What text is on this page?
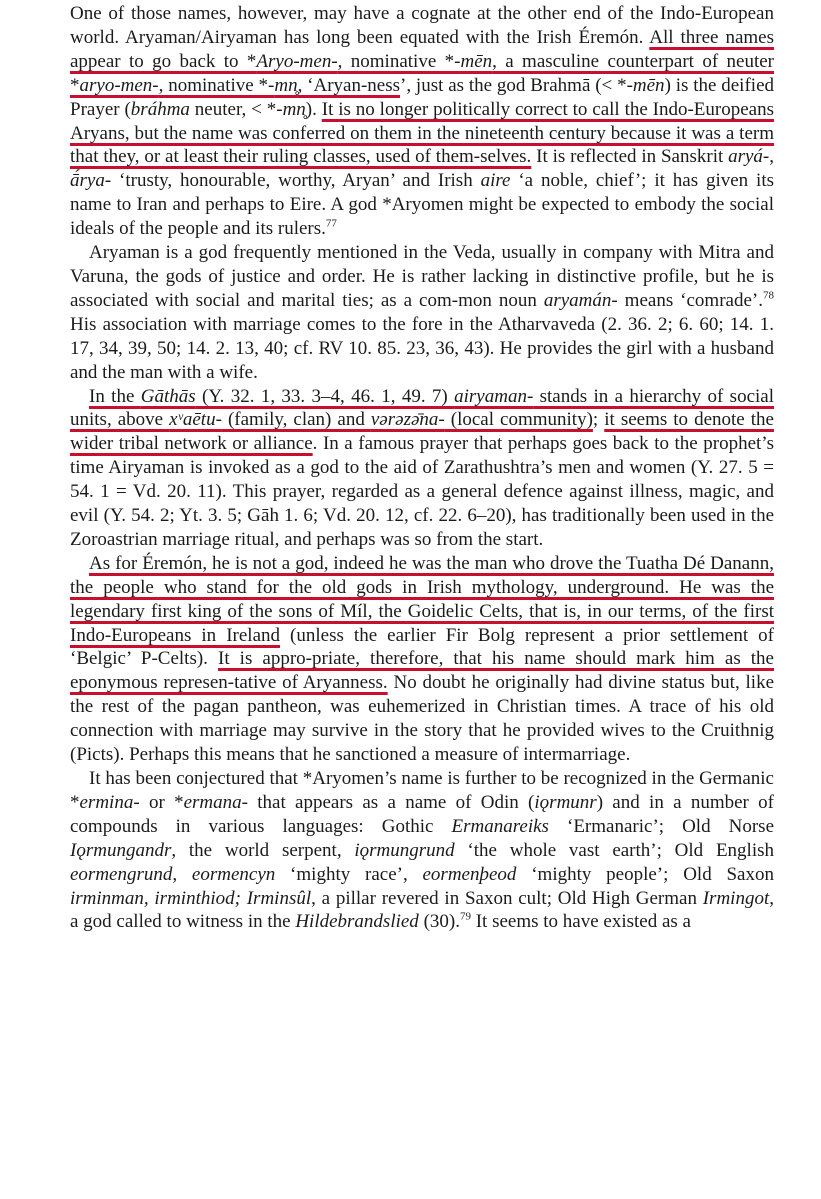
One of those names, however, may have a cognate at the other end of the Indo-European world. Aryaman/Airyaman has long been equated with the Irish Éremón. All three names appear to go back to *Aryo-men-, nominative *-mēn, a masculine counterpart of neuter *aryo-men-, nominative *-mn̥, ‘Aryan-ness’, just as the god Brahmā (< *-mēn) is the deified Prayer (bráhma neuter, < *-mn̥). It is no longer politically correct to call the Indo-Europeans Aryans, but the name was conferred on them in the nineteenth century because it was a term that they, or at least their ruling classes, used of them-selves. It is reflected in Sanskrit aryá-, ā́rya- ‘trusty, honourable, worthy, Aryan’ and Irish aire ‘a noble, chief’; it has given its name to Iran and perhaps to Eire. A god *Aryomen might be expected to embody the social ideals of the people and its rulers.$^{77}$

Aryaman is a god frequently mentioned in the Veda, usually in company with Mitra and Varuna, the gods of justice and order. He is rather lacking in distinctive profile, but he is associated with social and marital ties; as a com-mon noun aryamán- means ‘comrade’.$^{78}$ His association with marriage comes to the fore in the Atharvaveda (2. 36. 2; 6. 60; 14. 1. 17, 34, 39, 50; 14. 2. 13, 40; cf. RV 10. 85. 23, 36, 43). He provides the girl with a husband and the man with a wife.

In the Gāthās (Y. 32. 1, 33. 3–4, 46. 1, 49. 7) airyaman- stands in a hierarchy of social units, above xᵛaētu- (family, clan) and vərəzə̄na- (local community); it seems to denote the wider tribal network or alliance. In a famous prayer that perhaps goes back to the prophet’s time Airyaman is invoked as a god to the aid of Zarathushtra’s men and women (Y. 27. 5 = 54. 1 = Vd. 20. 11). This prayer, regarded as a general defence against illness, magic, and evil (Y. 54. 2; Yt. 3. 5; Gāh 1. 6; Vd. 20. 12, cf. 22. 6–20), has traditionally been used in the Zoroastrian marriage ritual, and perhaps was so from the start.

As for Éremón, he is not a god, indeed he was the man who drove the Tuatha Dé Danann, the people who stand for the old gods in Irish mythology, underground. He was the legendary first king of the sons of Míl, the Goidelic Celts, that is, in our terms, of the first Indo-Europeans in Ireland (unless the earlier Fir Bolg represent a prior settlement of ‘Belgic’ P-Celts). It is appro-priate, therefore, that his name should mark him as the eponymous represen-tative of Aryanness. No doubt he originally had divine status but, like the rest of the pagan pantheon, was euhemerized in Christian times. A trace of his old connection with marriage may survive in the story that he provided wives to the Cruithnig (Picts). Perhaps this means that he sanctioned a measure of intermarriage.

It has been conjectured that *Aryomen’s name is further to be recognized in the Germanic *ermina- or *ermana- that appears as a name of Odin (iǫrmunr) and in a number of compounds in various languages: Gothic Ermanareiks ‘Ermanaric’; Old Norse Iǫrmungandr, the world serpent, iǫrmungrund ‘the whole vast earth’; Old English eormengrund, eormencyn ‘mighty race’, eormenþeod ‘mighty people’; Old Saxon irminman, irminthiod; Irminsûl, a pillar revered in Saxon cult; Old High German Irmingot, a god called to witness in the Hildebrandslied (30).$^{79}$ It seems to have existed as a
